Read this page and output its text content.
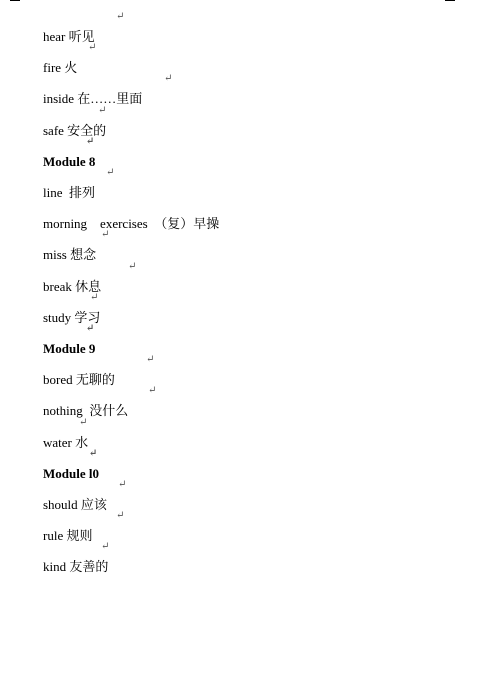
hear 听见

↵

fire 火

↵

inside 在……里面

↵

safe 安全的

↵

Module 8

↵

line  排列

↵

morning    exercises  （复）早操

miss 想念

↵

break 休息

↵

study 学习

↵

Module 9

↵

bored 无聊的

↵

nothing  没什么

↵

water 水

↵

Module l0

↵

should 应该

↵

rule 规则

↵

kind 友善的

↵
